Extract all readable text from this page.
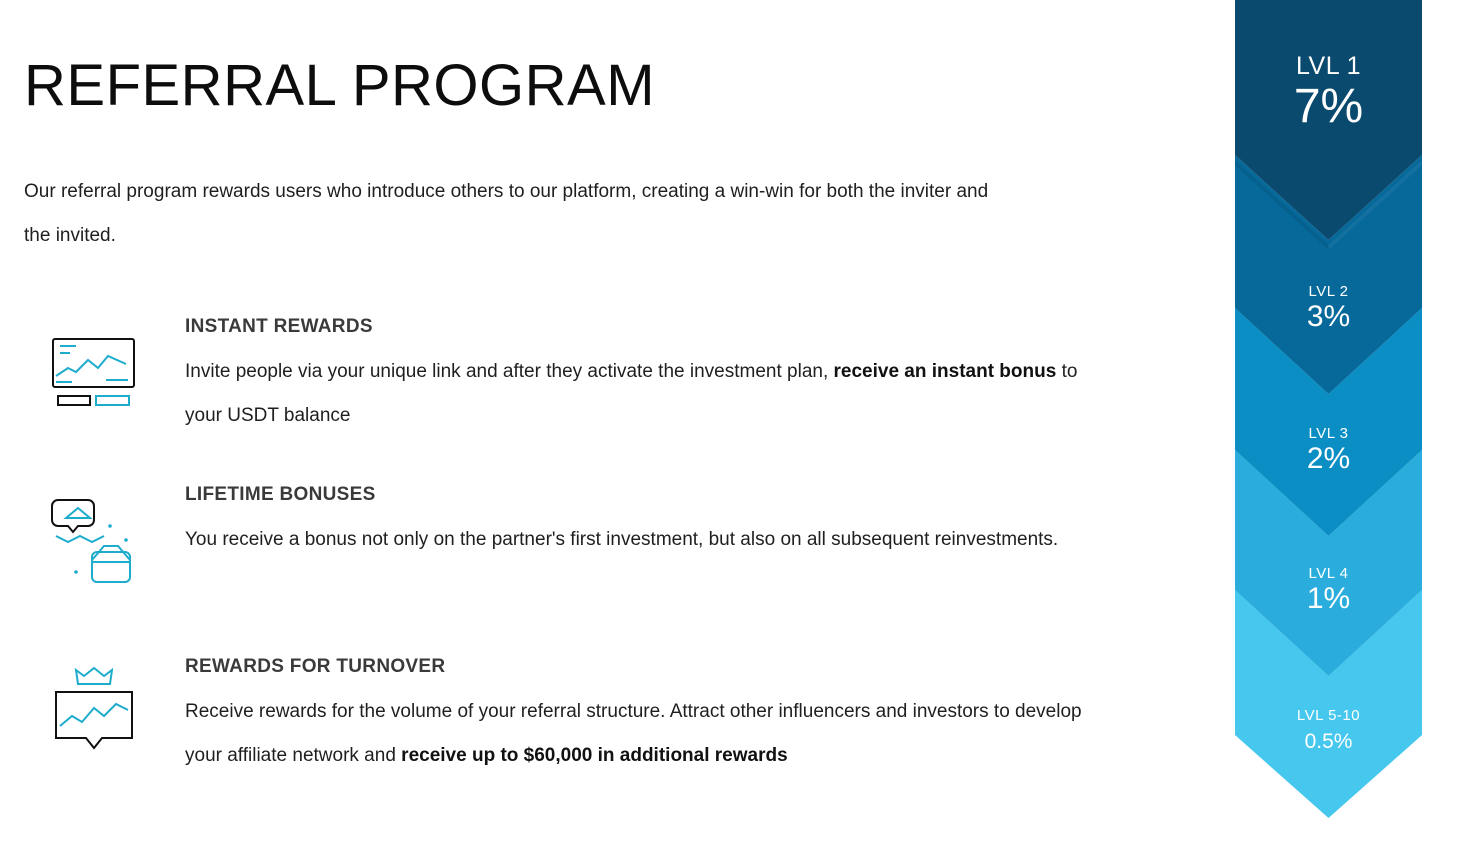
REFERRAL PROGRAM

Our referral program rewards users who introduce others to our platform, creating a win-win for both the inviter and the invited.

INSTANT REWARDS

Invite people via your unique link and after they activate the investment plan, receive an instant bonus to your USDT balance

LIFETIME BONUSES

You receive a bonus not only on the partner's first investment, but also on all subsequent reinvestments.

REWARDS FOR TURNOVER

Receive rewards for the volume of your referral structure. Attract other influencers and investors to develop your affiliate network and receive up to $60,000 in additional rewards

LVL 1
7%
LVL 2
3%
LVL 3
2%
LVL 4
1%
LVL 5-10
0.5%
